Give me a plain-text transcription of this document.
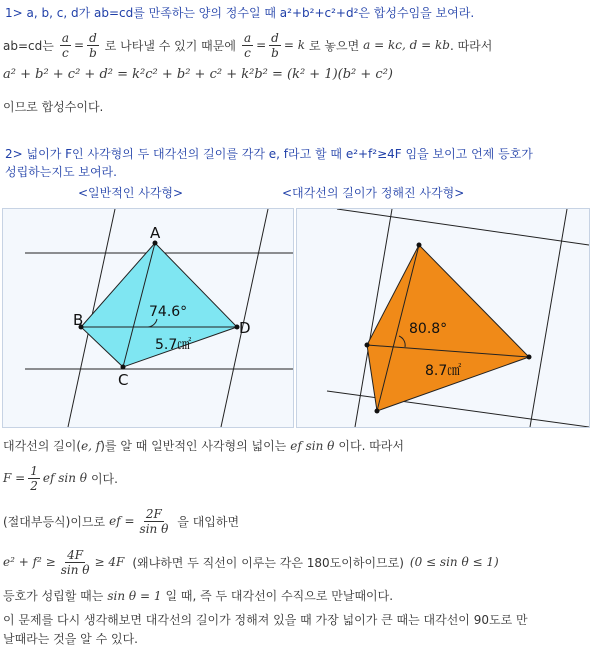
1> a, b, c, d가 ab=cd를 만족하는 양의 정수일 때 a²+b²+c²+d²은 합성수임을 보여라.
ab=cd는 $\frac{a}{c} = \frac{d}{b}$ 로 나타낼 수 있기 때문에 $\frac{a}{c} = \frac{d}{b} = k$ 로 놓으면 a = kc, d = kb . 따라서
a² + b² + c² + d² = k²c² + b² + c² + k²b² = (k² + 1)(b² + c²)
이므로 합성수이다.
2> 넓이가 F인 사각형의 두 대각선의 길이를 각각 e, f라고 할 때 e²+f²≥4F 임을 보이고 언제 등호가
성립하는지도 보여라.
<일반적인 사각형>	<대각선의 길이가 정해진 사각형>
A
B
C
D
74.6°
5.7㎠
80.8°
8.7㎠
대각선의 길이( e, f )를 알 때 일반적인 사각형의 넓이는 ef sin θ 이다. 따라서
$F = \frac{1}{2}$ ef sin θ 이다.
(절대부등식)이므로 ef = $\frac{2F}{\text{sin θ}}$ 을 대입하면
$e^2 + f^2 \ge \frac{4F}{\text{sin θ}} \ge 4F$ (왜냐하면 두 직선이 이루는 각은 180도이하이므로) (0 ≤ sin θ ≤ 1)
등호가 성립할 때는 sin θ = 1 일 때, 즉 두 대각선이 수직으로 만날때이다.
이 문제를 다시 생각해보면 대각선의 길이가 정해져 있을 때 가장 넓이가 큰 때는 대각선이 90도로 만
날때라는 것을 알 수 있다.
